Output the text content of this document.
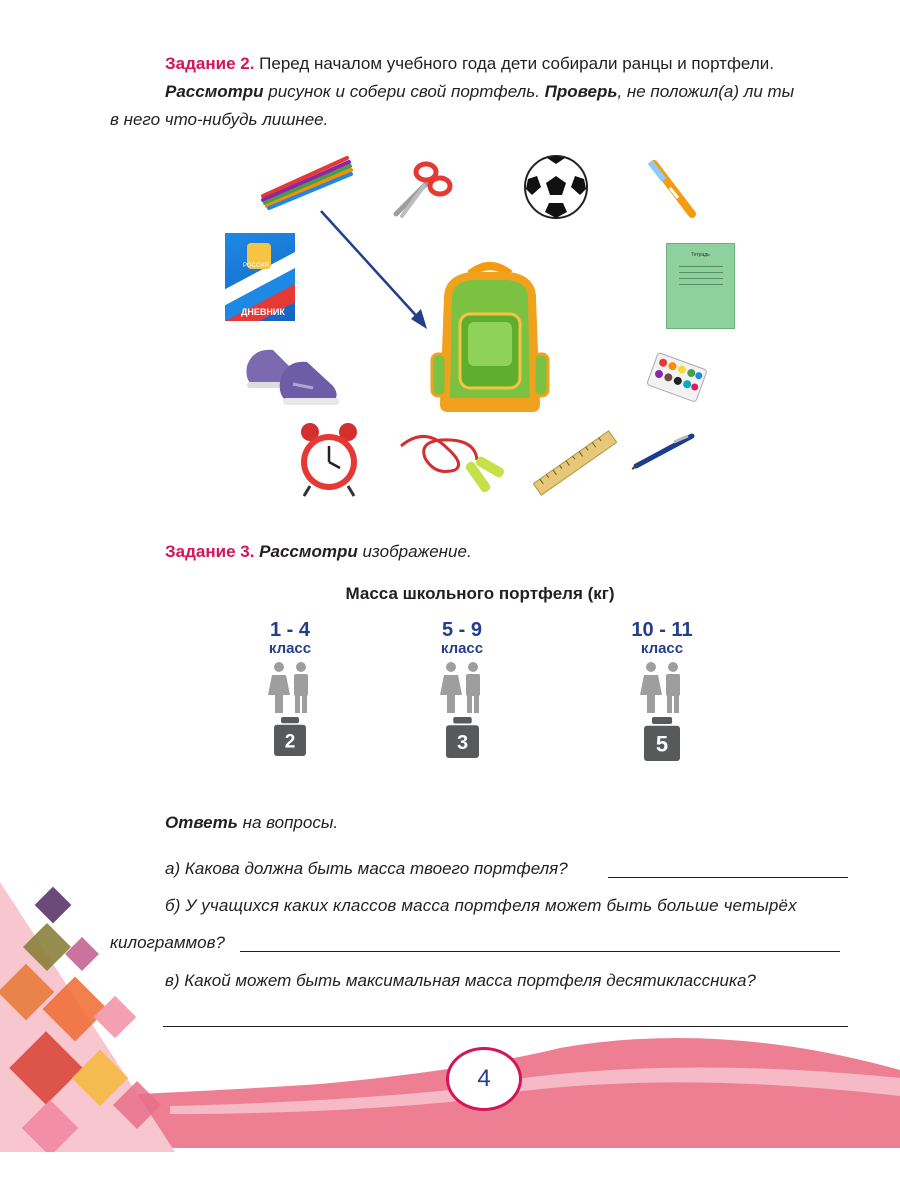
Задание 2. Перед началом учебного года дети собирали ранцы и портфели.
Рассмотри рисунок и собери свой портфель. Проверь, не положил(а) ли ты
в него что-нибудь лишнее.
РОССИЯ
ДНЕВНИК
Тетрадь
Задание 3. Рассмотри изображение.
Масса школьного портфеля (кг)
1 - 4
класс
2
5 - 9
класс
3
10 - 11
класс
5
Ответь на вопросы.
а) Какова должна быть масса твоего портфеля?
б) У учащихся каких классов масса портфеля может быть больше четырёх
килограммов?
в) Какой может быть максимальная масса портфеля десятиклассника?
4
